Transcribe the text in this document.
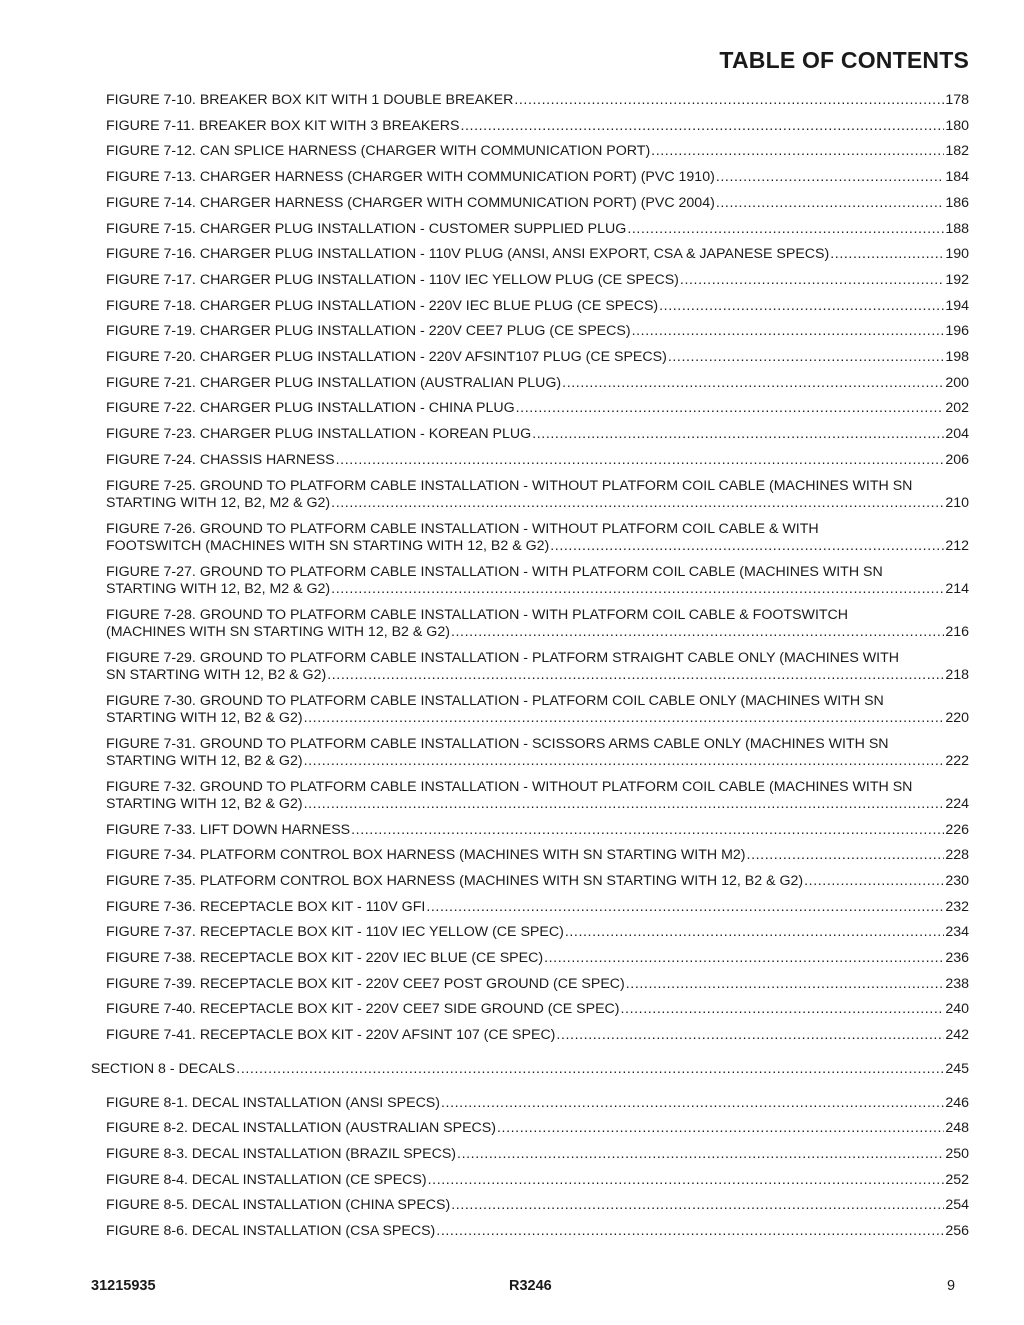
TABLE OF CONTENTS
FIGURE 7-10. BREAKER BOX KIT WITH 1 DOUBLE BREAKER .....	178
FIGURE 7-11. BREAKER BOX KIT WITH 3 BREAKERS .....	180
FIGURE 7-12. CAN SPLICE HARNESS (CHARGER WITH COMMUNICATION PORT) .....	182
FIGURE 7-13. CHARGER HARNESS (CHARGER WITH COMMUNICATION PORT) (PVC 1910) .....	184
FIGURE 7-14. CHARGER HARNESS (CHARGER WITH COMMUNICATION PORT) (PVC 2004) .....	186
FIGURE 7-15. CHARGER PLUG INSTALLATION - CUSTOMER SUPPLIED PLUG .....	188
FIGURE 7-16. CHARGER PLUG INSTALLATION - 110V PLUG (ANSI, ANSI EXPORT, CSA & JAPANESE SPECS) .....	190
FIGURE 7-17. CHARGER PLUG INSTALLATION - 110V IEC YELLOW PLUG (CE SPECS) .....	192
FIGURE 7-18. CHARGER PLUG INSTALLATION - 220V IEC BLUE PLUG (CE SPECS) .....	194
FIGURE 7-19. CHARGER PLUG INSTALLATION - 220V CEE7 PLUG (CE SPECS) .....	196
FIGURE 7-20. CHARGER PLUG INSTALLATION - 220V AFSINT107 PLUG (CE SPECS) .....	198
FIGURE 7-21. CHARGER PLUG INSTALLATION (AUSTRALIAN PLUG) .....	200
FIGURE 7-22. CHARGER PLUG INSTALLATION - CHINA PLUG .....	202
FIGURE 7-23. CHARGER PLUG INSTALLATION - KOREAN PLUG .....	204
FIGURE 7-24. CHASSIS HARNESS .....	206
FIGURE 7-25. GROUND TO PLATFORM CABLE INSTALLATION - WITHOUT PLATFORM COIL CABLE (MACHINES WITH SN
STARTING WITH 12, B2, M2 & G2) .....	210
FIGURE 7-26. GROUND TO PLATFORM CABLE INSTALLATION - WITHOUT PLATFORM COIL CABLE & WITH
FOOTSWITCH (MACHINES WITH SN STARTING WITH 12, B2 & G2) .....	212
FIGURE 7-27. GROUND TO PLATFORM CABLE INSTALLATION - WITH PLATFORM COIL CABLE (MACHINES WITH SN
STARTING WITH 12, B2, M2 & G2) .....	214
FIGURE 7-28. GROUND TO PLATFORM CABLE INSTALLATION - WITH PLATFORM COIL CABLE & FOOTSWITCH
(MACHINES WITH SN STARTING WITH 12, B2 & G2) .....	216
FIGURE 7-29. GROUND TO PLATFORM CABLE INSTALLATION - PLATFORM STRAIGHT CABLE ONLY (MACHINES WITH
SN STARTING WITH 12, B2 & G2) .....	218
FIGURE 7-30. GROUND TO PLATFORM CABLE INSTALLATION - PLATFORM COIL CABLE ONLY (MACHINES WITH SN
STARTING WITH 12, B2 & G2) .....	220
FIGURE 7-31. GROUND TO PLATFORM CABLE INSTALLATION - SCISSORS ARMS CABLE ONLY (MACHINES WITH SN
STARTING WITH 12, B2 & G2) .....	222
FIGURE 7-32. GROUND TO PLATFORM CABLE INSTALLATION - WITHOUT PLATFORM COIL CABLE (MACHINES WITH SN
STARTING WITH 12, B2 & G2) .....	224
FIGURE 7-33. LIFT DOWN HARNESS .....	226
FIGURE 7-34. PLATFORM CONTROL BOX HARNESS (MACHINES WITH SN STARTING WITH M2) .....	228
FIGURE 7-35. PLATFORM CONTROL BOX HARNESS (MACHINES WITH SN STARTING WITH 12, B2 & G2) .....	230
FIGURE 7-36. RECEPTACLE BOX KIT - 110V GFI .....	232
FIGURE 7-37. RECEPTACLE BOX KIT - 110V IEC YELLOW (CE SPEC) .....	234
FIGURE 7-38. RECEPTACLE BOX KIT - 220V IEC BLUE (CE SPEC) .....	236
FIGURE 7-39. RECEPTACLE BOX KIT - 220V CEE7 POST GROUND (CE SPEC) .....	238
FIGURE 7-40. RECEPTACLE BOX KIT - 220V CEE7 SIDE GROUND (CE SPEC) .....	240
FIGURE 7-41. RECEPTACLE BOX KIT - 220V AFSINT 107 (CE SPEC) .....	242
SECTION 8 - DECALS .....	245
FIGURE 8-1. DECAL INSTALLATION (ANSI SPECS) .....	246
FIGURE 8-2. DECAL INSTALLATION (AUSTRALIAN SPECS) .....	248
FIGURE 8-3. DECAL INSTALLATION (BRAZIL SPECS) .....	250
FIGURE 8-4. DECAL INSTALLATION (CE SPECS) .....	252
FIGURE 8-5. DECAL INSTALLATION (CHINA SPECS) .....	254
FIGURE 8-6. DECAL INSTALLATION (CSA SPECS) .....	256
31215935	R3246	9
